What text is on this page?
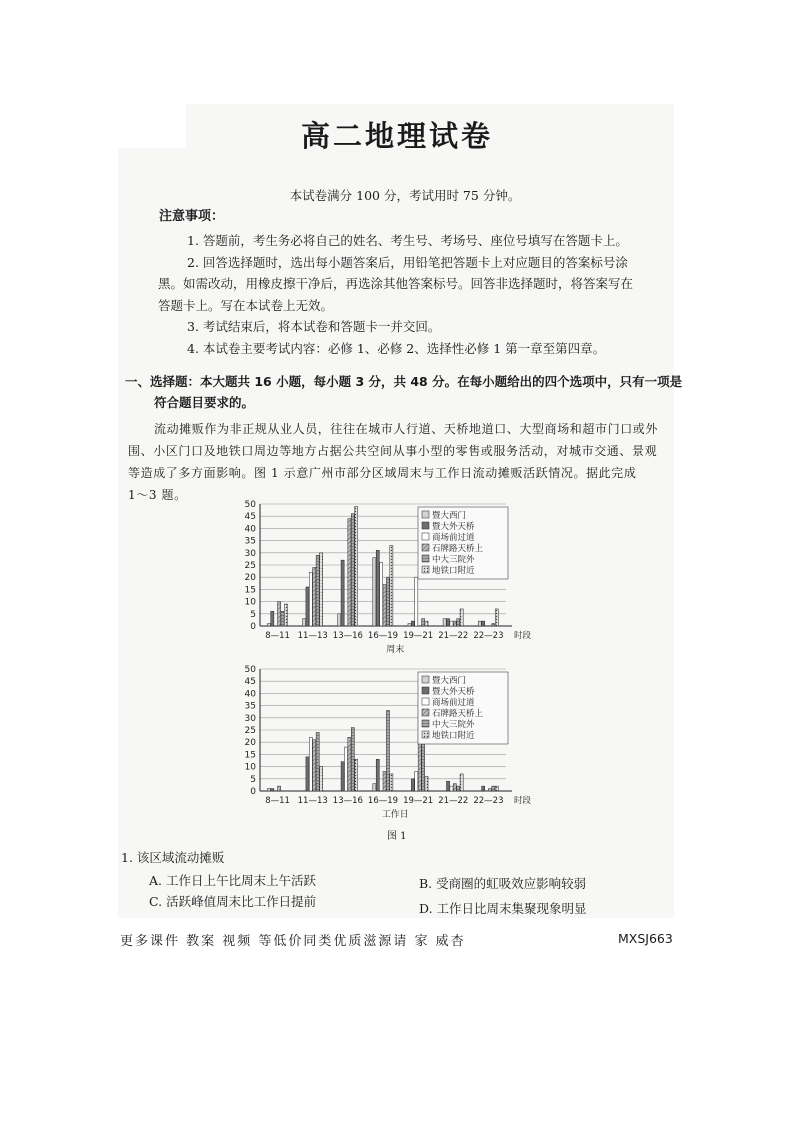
高二地理试卷
本试卷满分 100 分，考试用时 75 分钟。
注意事项：
1. 答题前，考生务必将自己的姓名、考生号、考场号、座位号填写在答题卡上。
2. 回答选择题时，选出每小题答案后，用铅笔把答题卡上对应题目的答案标号涂
黑。如需改动，用橡皮擦干净后，再选涂其他答案标号。回答非选择题时，将答案写在
答题卡上。写在本试卷上无效。
3. 考试结束后，将本试卷和答题卡一并交回。
4. 本试卷主要考试内容：必修 1、必修 2、选择性必修 1 第一章至第四章。
一、选择题：本大题共 16 小题，每小题 3 分，共 48 分。在每小题给出的四个选项中，只有一项是
符合题目要求的。
流动摊贩作为非正规从业人员，往往在城市人行道、天桥地道口、大型商场和超市门口或外
围、小区门口及地铁口周边等地方占据公共空间从事小型的零售或服务活动，对城市交通、景观
等造成了多方面影响。图 1 示意广州市部分区域周末与工作日流动摊贩活跃情况。据此完成
1～3 题。
0
5
10
15
20
25
30
35
40
45
50
8—11 11—13 13—16 16—19 19—21 21—22 22—23 时段
周末
暨大西门
暨大外天桥
商场前过道
石牌路天桥上
中大三院外
地铁口附近
0
5
10
15
20
25
30
35
40
45
50
8—11 11—13 13—16 16—19 19—21 21—22 22—23 时段
工作日
暨大西门
暨大外天桥
商场前过道
石牌路天桥上
中大三院外
地铁口附近
图 1
1. 该区域流动摊贩
A. 工作日上午比周末上午活跃	B. 受商圈的虹吸效应影响较弱
C. 活跃峰值周末比工作日提前	D. 工作日比周末集聚现象明显
更多课件 教案 视频 等低价同类优质滋源请 家 威杏	MXSJ663
